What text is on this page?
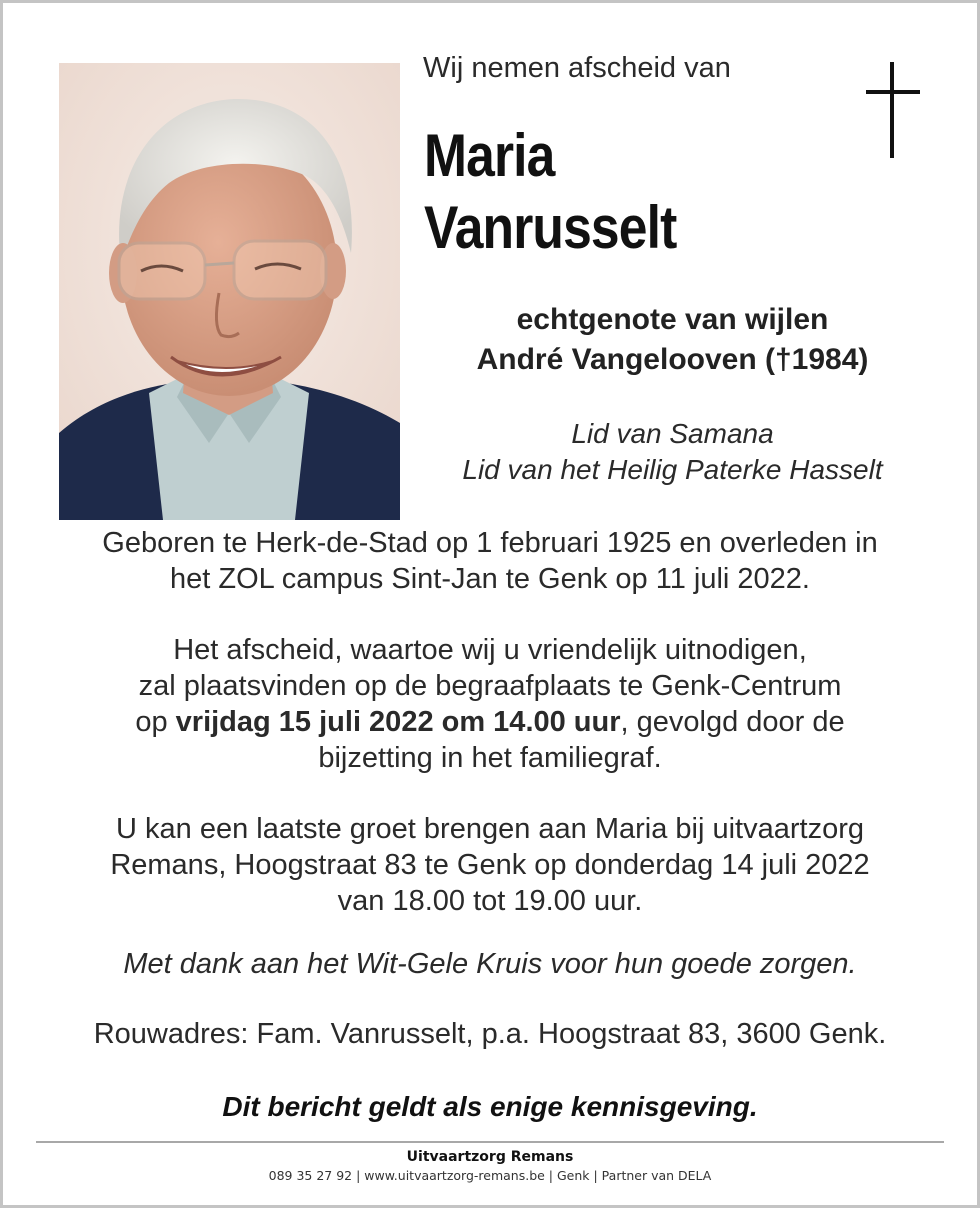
Wij nemen afscheid van
Maria
Vanrusselt
echtgenote van wijlen
André Vangelooven (†1984)
Lid van Samana
Lid van het Heilig Paterke Hasselt
Geboren te Herk-de-Stad op 1 februari 1925 en overleden in
het ZOL campus Sint-Jan te Genk op 11 juli 2022.
Het afscheid, waartoe wij u vriendelijk uitnodigen,
zal plaatsvinden op de begraafplaats te Genk-Centrum
op vrijdag 15 juli 2022 om 14.00 uur, gevolgd door de
bijzetting in het familiegraf.
U kan een laatste groet brengen aan Maria bij uitvaartzorg
Remans, Hoogstraat 83 te Genk op donderdag 14 juli 2022
van 18.00 tot 19.00 uur.
Met dank aan het Wit-Gele Kruis voor hun goede zorgen.
Rouwadres: Fam. Vanrusselt, p.a. Hoogstraat 83, 3600 Genk.
Dit bericht geldt als enige kennisgeving.
Uitvaartzorg Remans
089 35 27 92 | www.uitvaartzorg-remans.be | Genk | Partner van DELA
